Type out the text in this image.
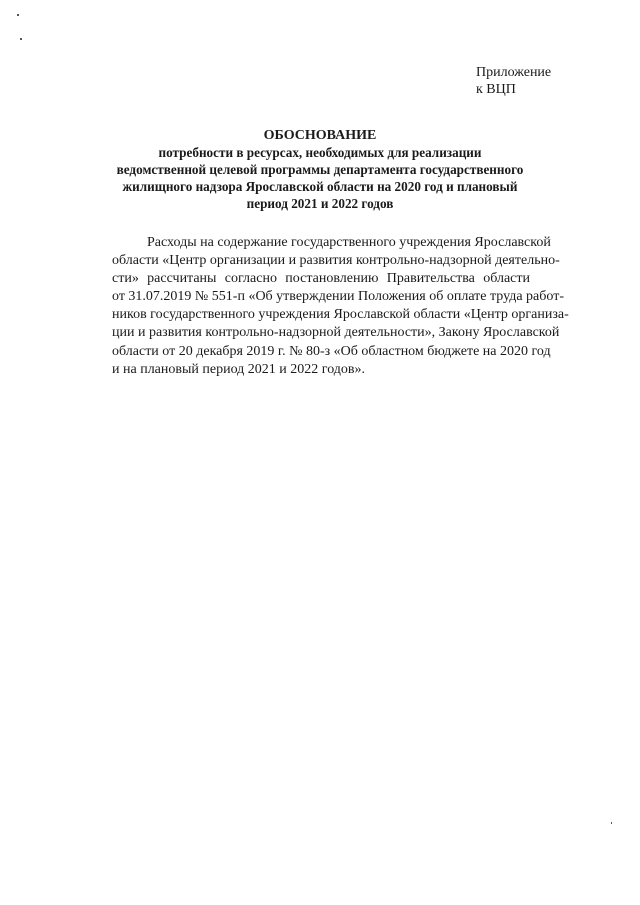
Приложение
к ВЦП
ОБОСНОВАНИЕ
потребности в ресурсах, необходимых для реализации
ведомственной целевой программы департамента государственного
жилищного надзора Ярославской области на 2020 год и плановый
период 2021 и 2022 годов
Расходы на содержание государственного учреждения Ярославской
области «Центр организации и развития контрольно-надзорной деятельно-
сти» рассчитаны согласно постановлению Правительства области
от 31.07.2019 № 551-п «Об утверждении Положения об оплате труда работ-
ников государственного учреждения Ярославской области «Центр организа-
ции и развития контрольно-надзорной деятельности», Закону Ярославской
области от 20 декабря 2019 г. № 80-з «Об областном бюджете на 2020 год
и на плановый период 2021 и 2022 годов».
